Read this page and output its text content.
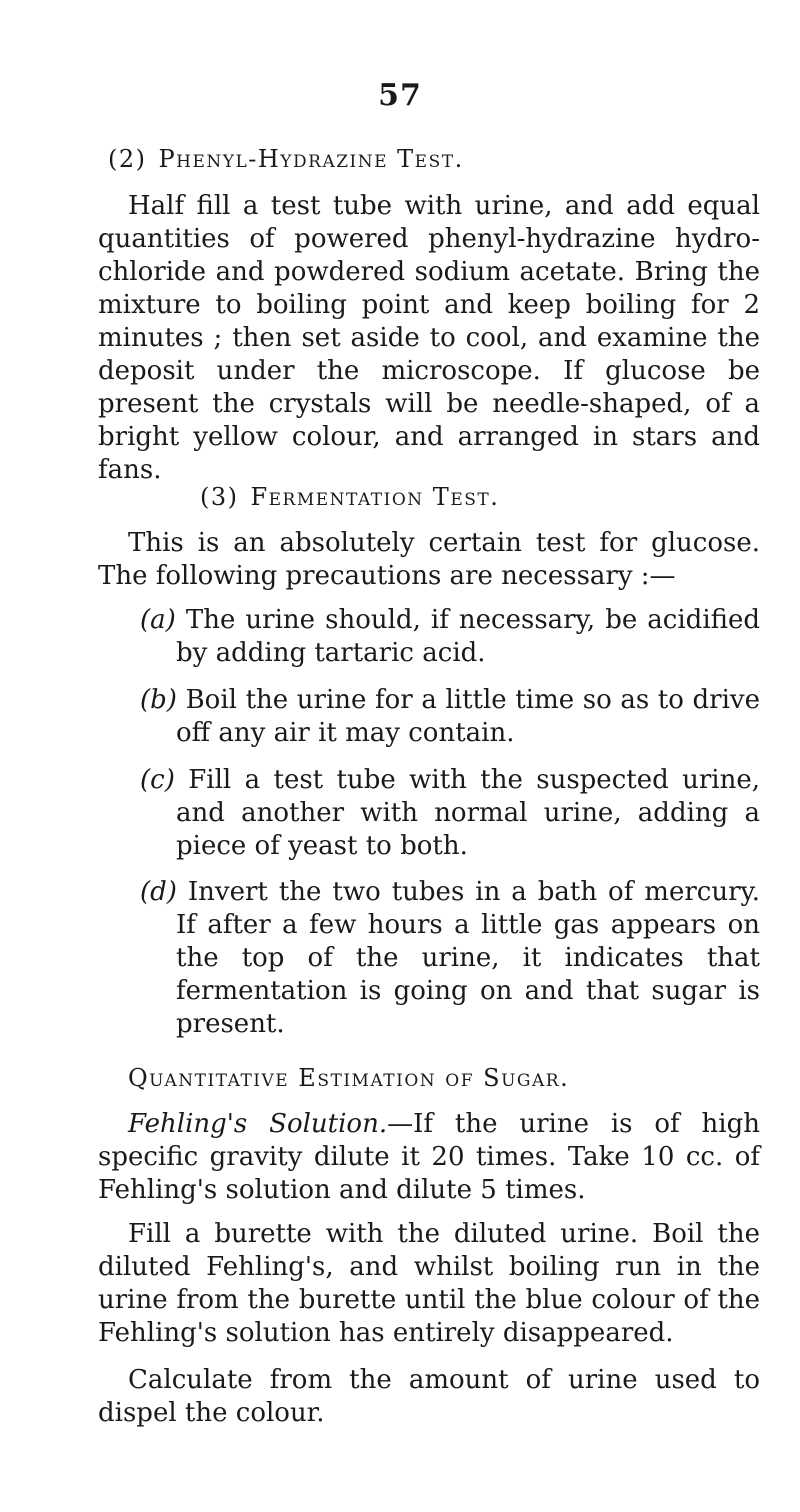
57
(2) Phenyl-Hydrazine Test.

Half fill a test tube with urine, and add equal quantities of powered phenyl-hydrazine hydro-chloride and powdered sodium acetate. Bring the mixture to boiling point and keep boiling for 2 minutes ; then set aside to cool, and examine the deposit under the microscope. If glucose be present the crystals will be needle-shaped, of a bright yellow colour, and arranged in stars and fans.

(3) Fermentation Test.

This is an absolutely certain test for glucose. The following precautions are necessary :—

(a) The urine should, if necessary, be acidified by adding tartaric acid.
(b) Boil the urine for a little time so as to drive off any air it may contain.
(c) Fill a test tube with the suspected urine, and another with normal urine, adding a piece of yeast to both.
(d) Invert the two tubes in a bath of mercury. If after a few hours a little gas appears on the top of the urine, it indicates that fermentation is going on and that sugar is present.
Quantitative Estimation of Sugar.

Fehling's Solution.—If the urine is of high specific gravity dilute it 20 times. Take 10 cc. of Fehling's solution and dilute 5 times.

Fill a burette with the diluted urine. Boil the diluted Fehling's, and whilst boiling run in the urine from the burette until the blue colour of the Fehling's solution has entirely disappeared.

Calculate from the amount of urine used to dispel the colour.
